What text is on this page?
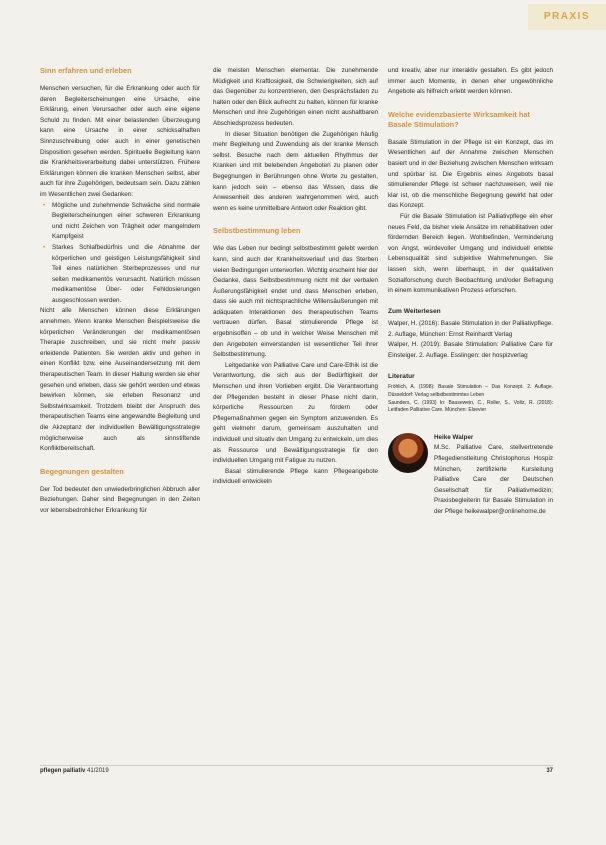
PRAXIS
Sinn erfahren und erleben

Menschen versuchen, für die Erkrankung oder auch für deren Begleiterscheinungen eine Ursache, eine Erklärung, einen Verursacher oder auch eine eigene Schuld zu finden. Mit einer belastenden Überzeugung kann eine Ursache in einer schicksalhaften Sinnzuschreibung oder auch in einer genetischen Disposition gesehen werden. Spirituelle Begleitung kann die Krankheitsverarbeitung dabei unterstützen. Frühere Erklärungen können die kranken Menschen selbst, aber auch für ihre Zugehörigen, bedeutsam sein. Dazu zählen im Wesentlichen zwei Gedanken:

• Mögliche und zunehmende Schwäche sind normale Begleiterscheinungen einer schweren Erkrankung und nicht Zeichen von Trägheit oder mangelndem Kampfgeist
• Starkes Schlafbedürfnis und die Abnahme der körperlichen und geistigen Leistungsfähigkeit sind Teil eines natürlichen Sterbeprozesses und nur selten medikamentös verursacht. Natürlich müssen medikamentöse Über- oder Fehldosierungen ausgeschlossen werden.

Nicht alle Menschen können diese Erklärungen annehmen. Wenn kranke Menschen Beispielsweise die körperlichen Veränderungen der medikamentösen Therapie zuschreiben, und sie nicht mehr passiv erleidende Patienten. Sie werden aktiv und gehen in einen Konflikt bzw. eine Auseinandersetzung mit dem therapeutischen Team. In dieser Haltung werden sie eher gesehen und erleben, dass sie gehört werden und etwas bewirken können, sie erleben Resonanz und Selbstwirksamkeit. Trotzdem bleibt der Anspruch des therapeutischen Teams eine angewandte Begleitung und die Akzeptanz der individuellen Bewältigungsstrategie möglicherweise auch als sinnstiftende Konfliktbereitschaft.

Begegnungen gestalten

Der Tod bedeutet den unwiederbringlichen Abbruch aller Beziehungen. Daher sind Begegnungen in den Zeiten vor lebensbedrohlicher Erkrankung für

die meisten Menschen elementar. Die zunehmende Müdigkeit und Kraftlosigkeit, die Schwierigkeiten, sich auf das Gegenüber zu konzentrieren, den Gesprächsfaden zu halten oder den Blick aufrecht zu halten, können für kranke Menschen und ihre Zugehörigen einen nicht aushaltbaren Abschiedsprozess bedeuten.

In dieser Situation benötigen die Zugehörigen häufig mehr Begleitung und Zuwendung als der kranke Mensch selbst. Besuche nach dem aktuellen Rhythmus der Kranken und mit belebenden Angeboten zu planen oder Begegnungen in Berührungen ohne Worte zu gestalten, kann jedoch sein – ebenso das Wissen, dass die Anwesenheit des anderen wahrgenommen wird, auch wenn es keine unmittelbare Antwort oder Reaktion gibt.

Selbstbestimmung leben

Wie das Leben nur bedingt selbstbestimmt gelebt werden kann, sind auch der Krankheitsverlauf und das Sterben vielen Bedingungen unterworfen. Wichtig erscheint hier der Gedanke, dass Selbstbestimmung nicht mit der verbalen Äußerungsfähigkeit endet und dass Menschen erleben, dass sie auch mit nichtsprachliche Willensäußerungen mit adäquaten Interaktionen des therapeutischen Teams vertrauen dürfen. Basal stimulierende Pflege ist ergebnisoffen – ob und in welcher Weise Menschen mit den Angeboten einverstanden ist wesentlicher Teil ihrer Selbstbestimmung.

Leitgedanke von Palliative Care und Care-Ethik ist die Verantwortung, die sich aus der Bedürftigkeit der Menschen und ihren Vorlieben ergibt. Die Verantwortung der Pflegenden besteht in dieser Phase nicht darin, körperliche Ressourcen zu fördern oder Pflegemaßnahmen gegen ein Symptom anzuwenden. Es geht vielmehr darum, gemeinsam auszuhalten und individuell und situativ den Umgang zu entwickeln, um dies als Ressource und Bewältigungsstrategie für den individuellen Umgang mit Fatigue zu nutzen.

Basal stimulierende Pflege kann Pflegeangebote individuell entwickeln

und kreativ, aber nur interaktiv gestalten. Es gibt jedoch immer auch Momente, in denen eher ungewöhnliche Angebote als hilfreich erlebt werden können.

Welche evidenzbasierte Wirksamkeit hat Basale Stimulation?

Basale Stimulation in der Pflege ist ein Konzept, das im Wesentlichen auf der Annahme zwischen Menschen basiert und in der Beziehung zwischen Menschen wirksam und spürbar ist. Die Ergebnis eines Angebots basal stimulierender Pflege ist schwer nachzuweisen, weil nie klar ist, ob die menschliche Begegnung gewirkt hat oder das Konzept.

Für die Basale Stimulation ist Palliativpflege ein eher neues Feld, da bisher viele Ansätze im rehabilitativen oder fördernden Bereich liegen. Wohlbefinden, Verminderung von Angst, würdevoller Umgang und individuell erlebte Lebensqualität sind subjektive Wahrnehmungen. Sie lassen sich, wenn überhaupt, in der qualitativen Sozialforschung durch Beobachtung und/oder Befragung in einem kommunikativen Prozess erforschen.

Zum Weiterlesen

Walper, H. (2016): Basale Stimulation in der Palliativpflege. 2. Auflage, München: Ernst Reinhardt Verlag

Walper, H. (2019): Basale Stimulation: Palliative Care für Einsteiger. 2. Auflage. Esslingen: der hospizverlag

Literatur

Fröhlich, A. (1998): Basale Stimulation – Das Konzept. 2. Auflage. Düsseldorf: Verlag selbstbestimmtes Leben

Saunders, C. (1993) In: Bausewein, C., Roller, S., Voltz, R. (2018): Leitfaden Palliative Care. München: Elsevier

Heike Walper

M.Sc. Palliative Care, stellvertretende Pflegedienstleitung Christophorus Hospiz München, zertifizierte Kursleitung Palliative Care der Deutschen Gesellschaft für Palliativmedizin; Praxisbegleiterin für Basale Stimulation in der Pflege heikewalper@onlinehome.de

pflegen palliativ 41/2019	37
